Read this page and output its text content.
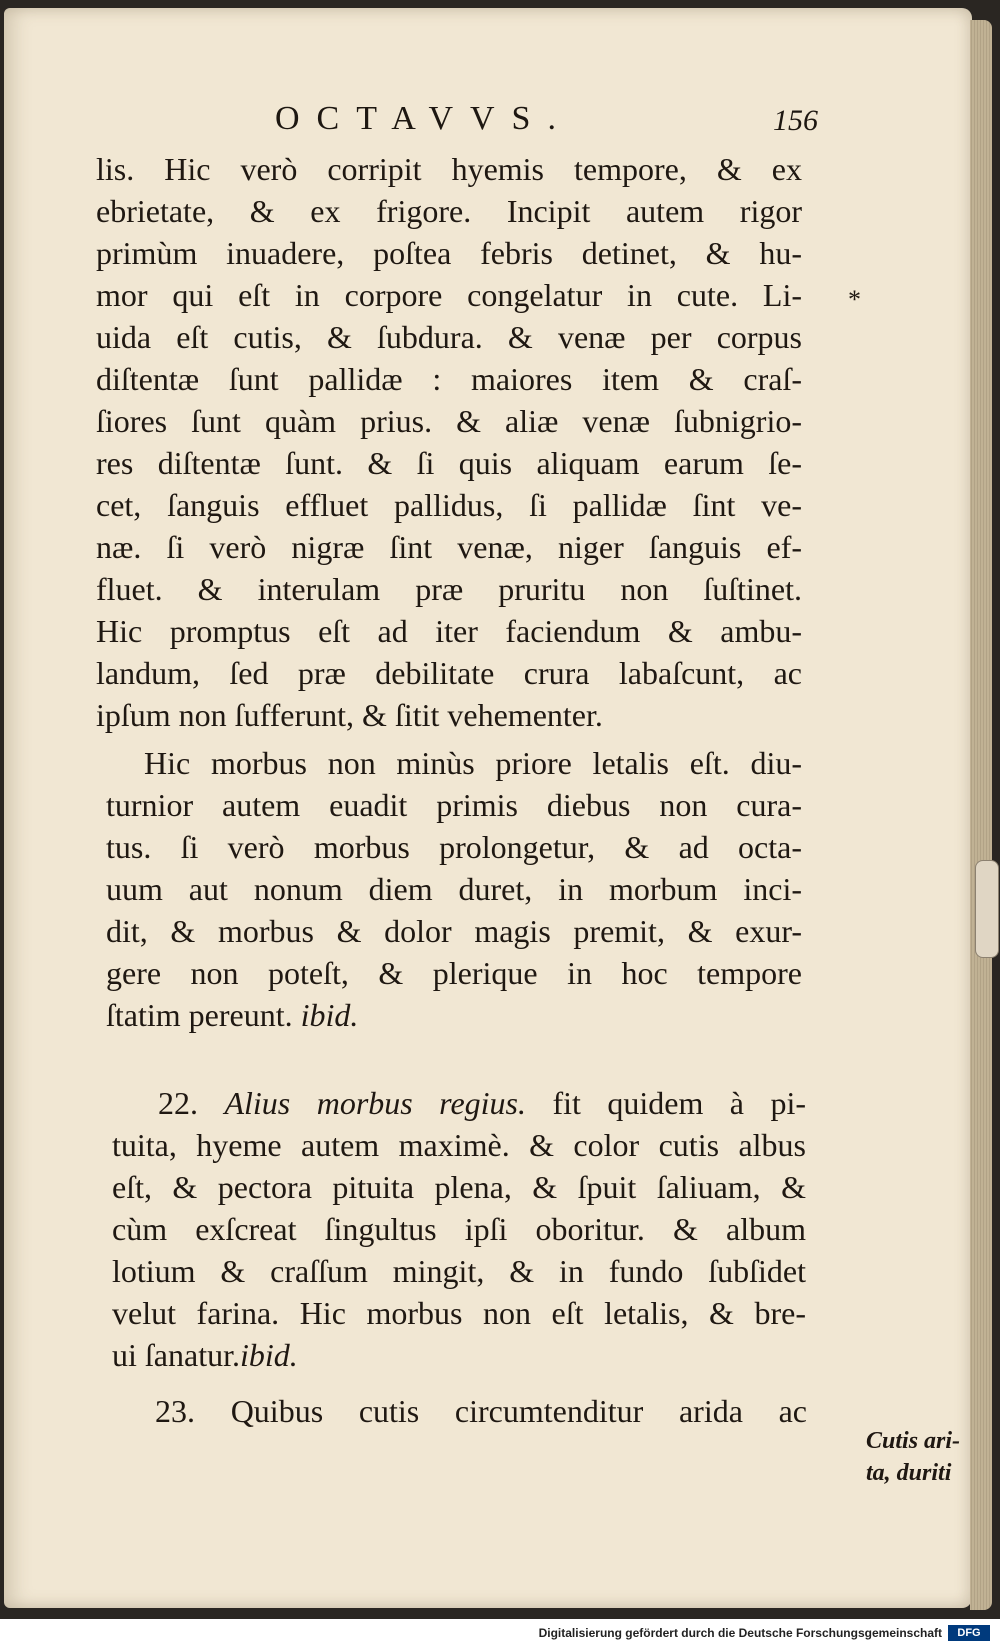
OCTAVVS.	156
*
lis. Hic verò corripit hyemis tempore, & ex
ebrietate, & ex frigore. Incipit autem rigor
primùm inuadere, poſtea febris detinet, & hu-
mor qui eſt in corpore congelatur in cute. Li-
uida eſt cutis, & ſubdura. & venæ per corpus
diſtentæ ſunt pallidæ : maiores item & craſ-
ſiores ſunt quàm prius. & aliæ venæ ſubnigrio-
res diſtentæ ſunt. & ſi quis aliquam earum ſe-
cet, ſanguis effluet pallidus, ſi pallidæ ſint ve-
næ. ſi verò nigræ ſint venæ, niger ſanguis ef-
fluet. & interulam præ pruritu non ſuſtinet.
Hic promptus eſt ad iter faciendum & ambu-
landum, ſed præ debilitate crura labaſcunt, ac
ipſum non ſufferunt, & ſitit vehementer.
Hic morbus non minùs priore letalis eſt. diu-
turnior autem euadit primis diebus non cura-
tus. ſi verò morbus prolongetur, & ad octa-
uum aut nonum diem duret, in morbum inci-
dit, & morbus & dolor magis premit, & exur-
gere non poteſt, & plerique in hoc tempore
ſtatim pereunt. ibid.
22. Alius morbus regius. fit quidem à pi-
tuita, hyeme autem maximè. & color cutis albus
eſt, & pectora pituita plena, & ſpuit ſaliuam, &
cùm exſcreat ſingultus ipſi oboritur. & album
lotium & craſſum mingit, & in fundo ſubſidet
velut farina. Hic morbus non eſt letalis, & bre-
ui ſanatur.ibid.
23. Quibus cutis circumtenditur arida ac
Cutis ari-
ta, duriti
Digitalisierung gefördert durch die Deutsche Forschungsgemeinschaft	DFG
